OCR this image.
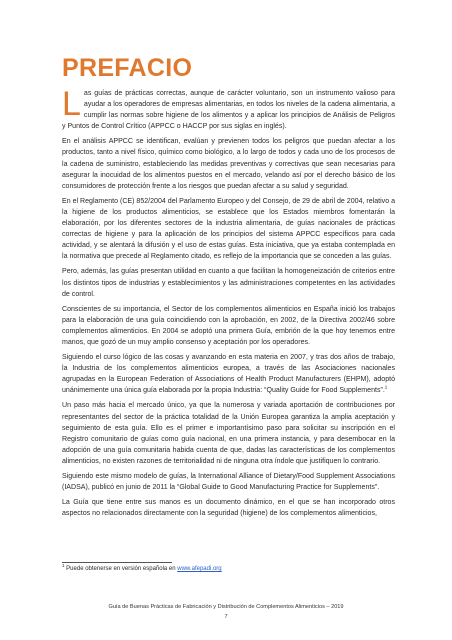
PREFACIO

Las guías de prácticas correctas, aunque de carácter voluntario, son un instrumento valioso para ayudar a los operadores de empresas alimentarias, en todos los niveles de la cadena alimentaria, a cumplir las normas sobre higiene de los alimentos y a aplicar los principios de Análisis de Peligros y Puntos de Control Crítico (APPCC o HACCP por sus siglas en inglés).

En el análisis APPCC se identifican, evalúan y previenen todos los peligros que puedan afectar a los productos, tanto a nivel físico, químico como biológico, a lo largo de todos y cada uno de los procesos de la cadena de suministro, estableciendo las medidas preventivas y correctivas que sean necesarias para asegurar la inocuidad de los alimentos puestos en el mercado, velando así por el derecho básico de los consumidores de protección frente a los riesgos que puedan afectar a su salud y seguridad.

En el Reglamento (CE) 852/2004 del Parlamento Europeo y del Consejo, de 29 de abril de 2004, relativo a la higiene de los productos alimenticios, se establece que los Estados miembros fomentarán la elaboración, por los diferentes sectores de la industria alimentaria, de guías nacionales de prácticas correctas de higiene y para la aplicación de los principios del sistema APPCC específicos para cada actividad, y se alentará la difusión y el uso de estas guías. Esta iniciativa, que ya estaba contemplada en la normativa que precede al Reglamento citado, es reflejo de la importancia que se conceden a las guías.

Pero, además, las guías presentan utilidad en cuanto a que facilitan la homogeneización de criterios entre los distintos tipos de industrias y establecimientos y las administraciones competentes en las actividades de control.

Conscientes de su importancia, el Sector de los complementos alimenticios en España inició los trabajos para la elaboración de una guía coincidiendo con la aprobación, en 2002, de la Directiva 2002/46 sobre complementos alimenticios. En 2004 se adoptó una primera Guía, embrión de la que hoy tenemos entre manos, que gozó de un muy amplio consenso y aceptación por los operadores.

Siguiendo el curso lógico de las cosas y avanzando en esta materia en 2007, y tras dos años de trabajo, la Industria de los complementos alimenticios europea, a través de las Asociaciones nacionales agrupadas en la European Federation of Associations of Health Product Manufacturers (EHPM), adoptó unánimemente una única guía elaborada por la propia Industria: “Quality Guide for Food Supplements”.$^1$

Un paso más hacia el mercado único, ya que la numerosa y variada aportación de contribuciones por representantes del sector de la práctica totalidad de la Unión Europea garantiza la amplia aceptación y seguimiento de esta guía. Ello es el primer e importantísimo paso para solicitar su inscripción en el Registro comunitario de guías como guía nacional, en una primera instancia, y para desembocar en la adopción de una guía comunitaria habida cuenta de que, dadas las características de los complementos alimenticios, no existen razones de territorialidad ni de ninguna otra índole que justifiquen lo contrario.

Siguiendo este mismo modelo de guías, la International Alliance of Dietary/Food Supplement Associations (IADSA), publicó en junio de 2011 la “Global Guide to Good Manufacturing Practice for Supplements”.

La Guía que tiene entre sus manos es un documento dinámico, en el que se han incorporado otros aspectos no relacionados directamente con la seguridad (higiene) de los complementos alimenticios,

$^1$ Puede obtenerse en versión española en www.afepadi.org
Guía de Buenas Prácticas de Fabricación y Distribución de Complementos Alimenticios – 2019
7
